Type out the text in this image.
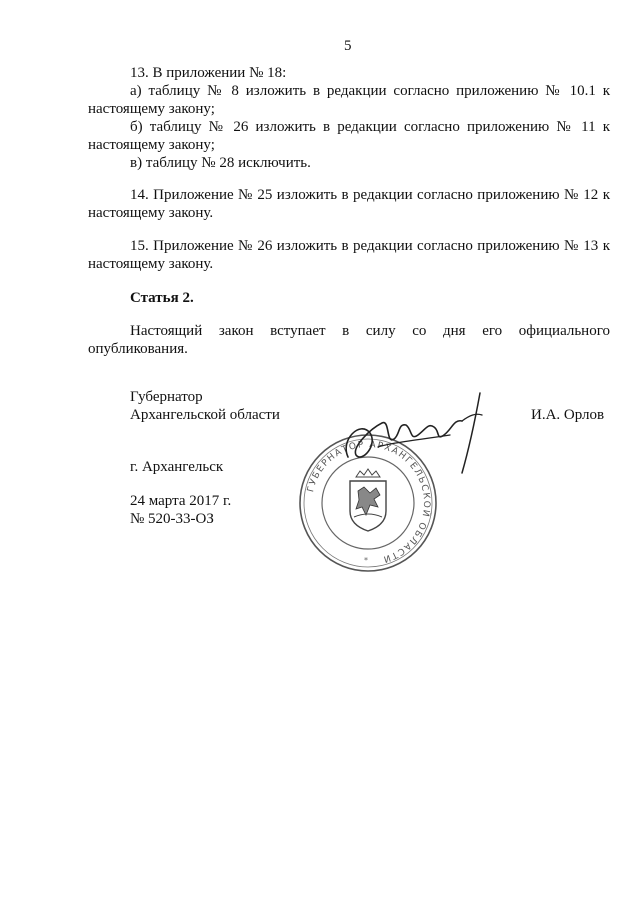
5
13. В приложении № 18:
а) таблицу № 8 изложить в редакции согласно приложению № 10.1 к
настоящему закону;
б) таблицу № 26 изложить в редакции согласно приложению № 11 к
настоящему закону;
в) таблицу № 28 исключить.
14. Приложение № 25 изложить в редакции согласно приложению № 12 к
настоящему закону.
15. Приложение № 26 изложить в редакции согласно приложению № 13 к
настоящему закону.
Статья 2.
Настоящий закон вступает в силу со дня его официального
опубликования.
Губернатор
Архангельской области	И.А. Орлов
ГУБЕРНАТОР АРХАНГЕЛЬСКОЙ ОБЛАСТИ
*
г. Архангельск
24 марта 2017 г.
№ 520-33-ОЗ
